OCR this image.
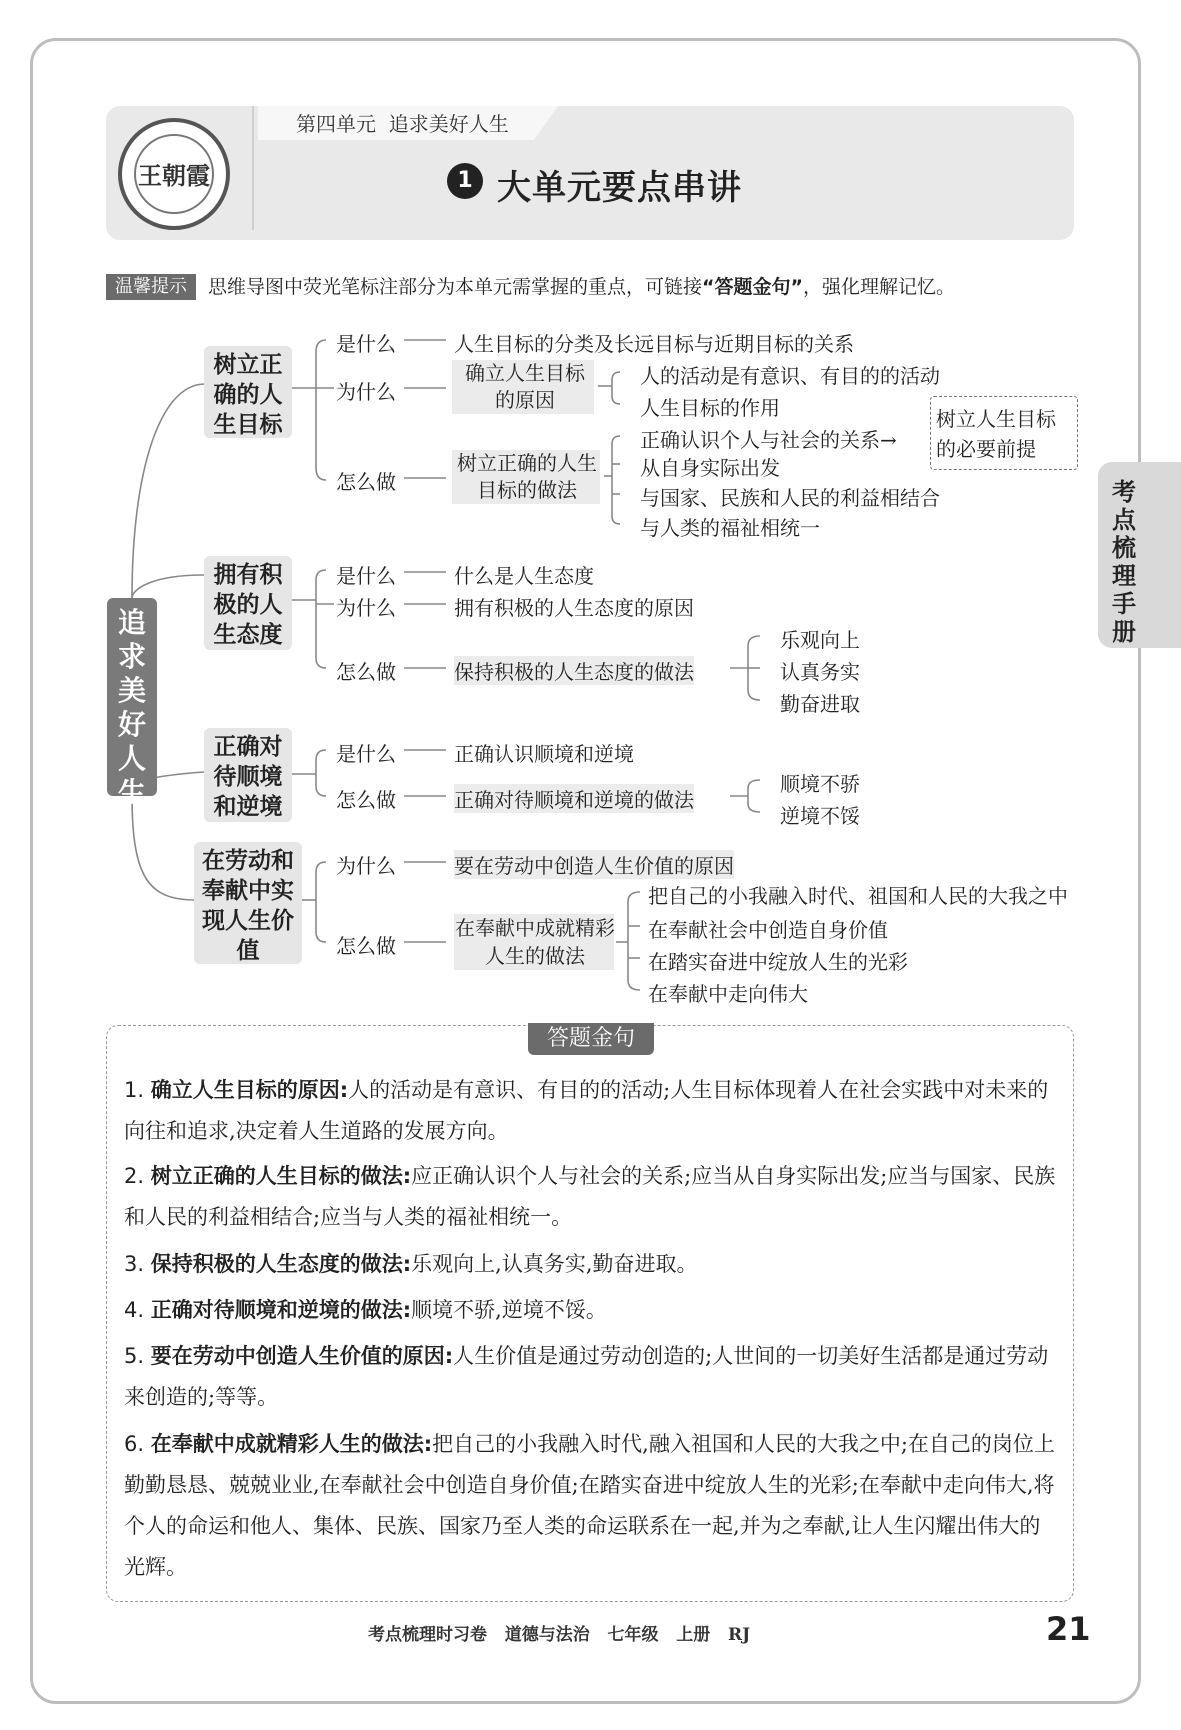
王朝霞
第四单元  追求美好人生
1 大单元要点串讲
温馨提示	思维导图中荧光笔标注部分为本单元需掌握的重点，可链接“答题金句”，强化理解记忆。
考点梳理手册
追求美好人生
树立正确的人生目标
是什么	人生目标的分类及长远目标与近期目标的关系
为什么
确立人生目标的原因
人的活动是有意识、有目的的活动
人生目标的作用
怎么做
树立正确的人生目标的做法
正确认识个人与社会的关系→
从自身实际出发
与国家、民族和人民的利益相结合
与人类的福祉相统一
树立人生目标的必要前提
拥有积极的人生态度
是什么	什么是人生态度
为什么	拥有积极的人生态度的原因
怎么做	保持积极的人生态度的做法
乐观向上
认真务实
勤奋进取
正确对待顺境和逆境
是什么	正确认识顺境和逆境
怎么做	正确对待顺境和逆境的做法
顺境不骄
逆境不馁
在劳动和奉献中实现人生价值
为什么	要在劳动中创造人生价值的原因
怎么做
在奉献中成就精彩人生的做法
把自己的小我融入时代、祖国和人民的大我之中
在奉献社会中创造自身价值
在踏实奋进中绽放人生的光彩
在奉献中走向伟大
答题金句
1. 确立人生目标的原因:人的活动是有意识、有目的的活动;人生目标体现着人在社会实践中对未来的向往和追求,决定着人生道路的发展方向。
2. 树立正确的人生目标的做法:应正确认识个人与社会的关系;应当从自身实际出发;应当与国家、民族和人民的利益相结合;应当与人类的福祉相统一。
3. 保持积极的人生态度的做法:乐观向上,认真务实,勤奋进取。
4. 正确对待顺境和逆境的做法:顺境不骄,逆境不馁。
5. 要在劳动中创造人生价值的原因:人生价值是通过劳动创造的;人世间的一切美好生活都是通过劳动来创造的;等等。
6. 在奉献中成就精彩人生的做法:把自己的小我融入时代,融入祖国和人民的大我之中;在自己的岗位上勤勤恳恳、兢兢业业,在奉献社会中创造自身价值;在踏实奋进中绽放人生的光彩;在奉献中走向伟大,将个人的命运和他人、集体、民族、国家乃至人类的命运联系在一起,并为之奉献,让人生闪耀出伟大的光辉。
考点梳理时习卷   道德与法治   七年级   上册   RJ	21
